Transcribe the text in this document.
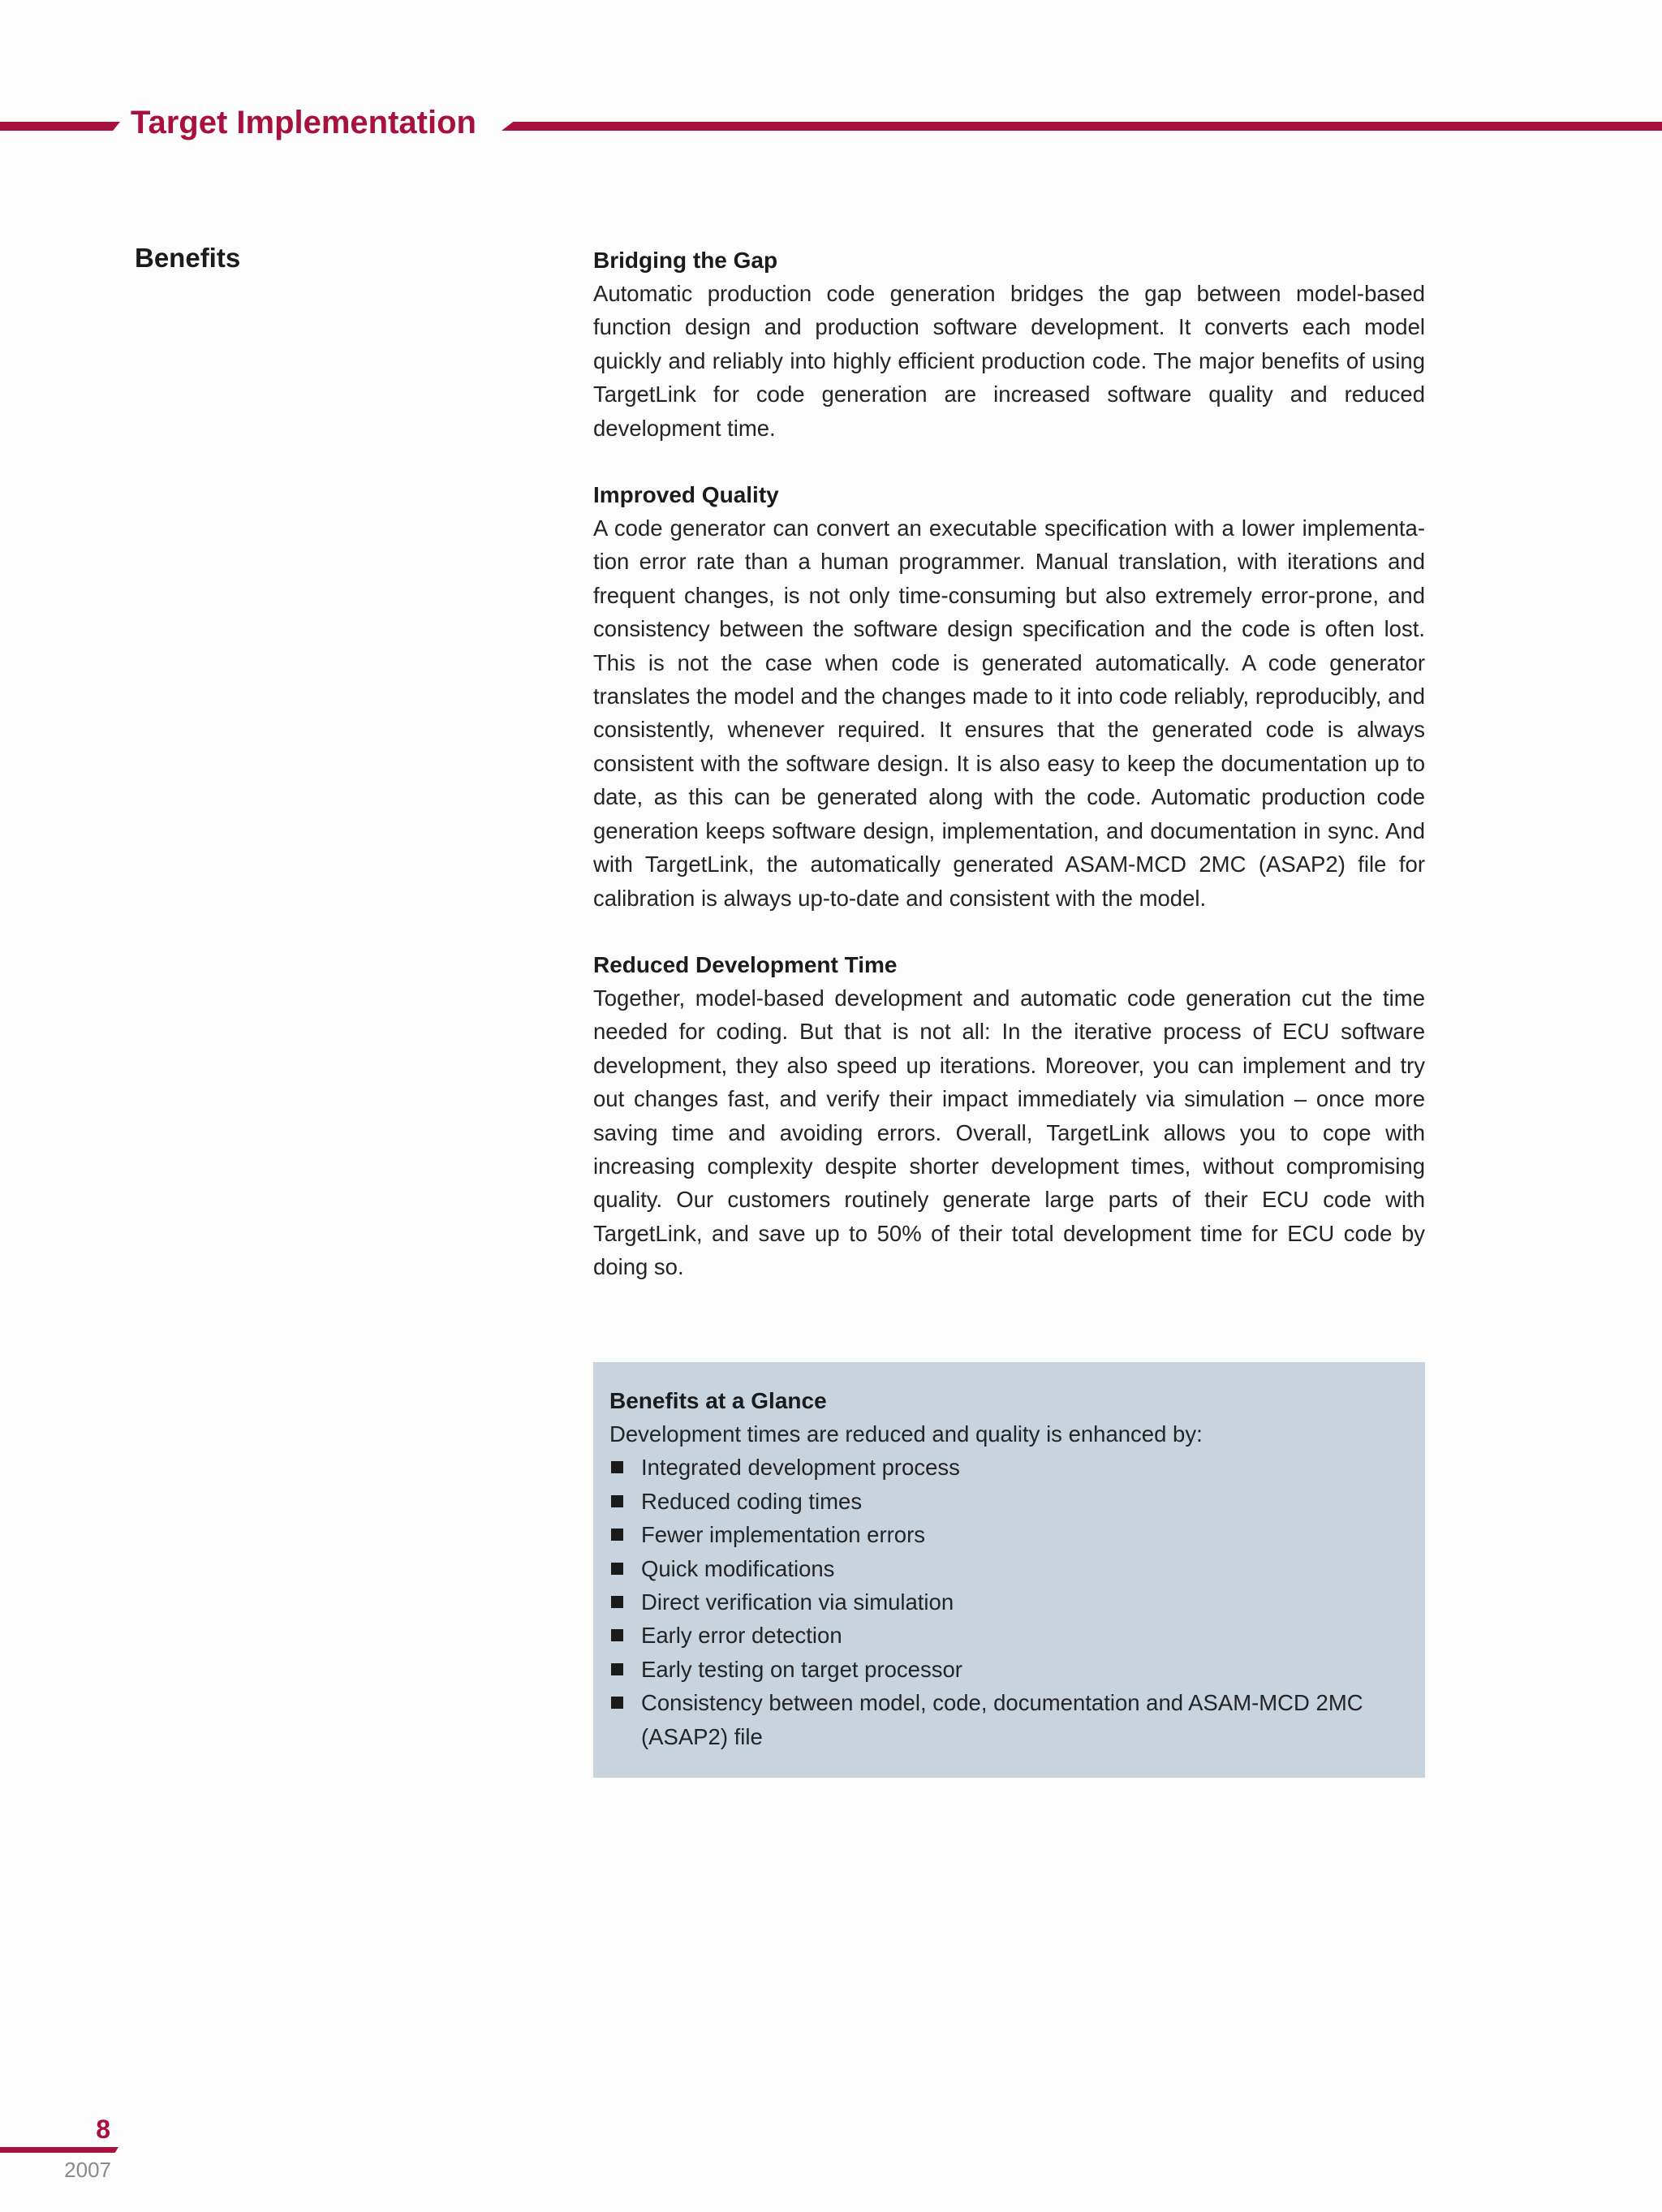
Target Implementation
Benefits	Bridging the Gap

Automatic production code generation bridges the gap between model-based function design and production software development. It converts each model quickly and reliably into highly efficient production code. The major benefits of using TargetLink for code generation are increased software quality and reduced development time.

Improved Quality

A code generator can convert an executable specification with a lower implementa-tion error rate than a human programmer. Manual translation, with iterations and frequent changes, is not only time-consuming but also extremely error-prone, and consistency between the software design specification and the code is often lost. This is not the case when code is generated automatically. A code generator translates the model and the changes made to it into code reliably, reproducibly, and consistently, whenever required. It ensures that the generated code is always consistent with the software design. It is also easy to keep the documentation up to date, as this can be generated along with the code. Automatic production code generation keeps software design, implementation, and documentation in sync. And with TargetLink, the automatically generated ASAM-MCD 2MC (ASAP2) file for calibration is always up-to-date and consistent with the model.

Reduced Development Time

Together, model-based development and automatic code generation cut the time needed for coding. But that is not all: In the iterative process of ECU software development, they also speed up iterations. Moreover, you can implement and try out changes fast, and verify their impact immediately via simulation – once more saving time and avoiding errors. Overall, TargetLink allows you to cope with increasing complexity despite shorter development times, without compromising quality. Our customers routinely generate large parts of their ECU code with TargetLink, and save up to 50% of their total development time for ECU code by doing so.

Benefits at a Glance

Development times are reduced and quality is enhanced by:

Integrated development process
Reduced coding times
Fewer implementation errors
Quick modifications
Direct verification via simulation
Early error detection
Early testing on target processor
Consistency between model, code, documentation and ASAM-MCD 2MC (ASAP2) file
8
2007
